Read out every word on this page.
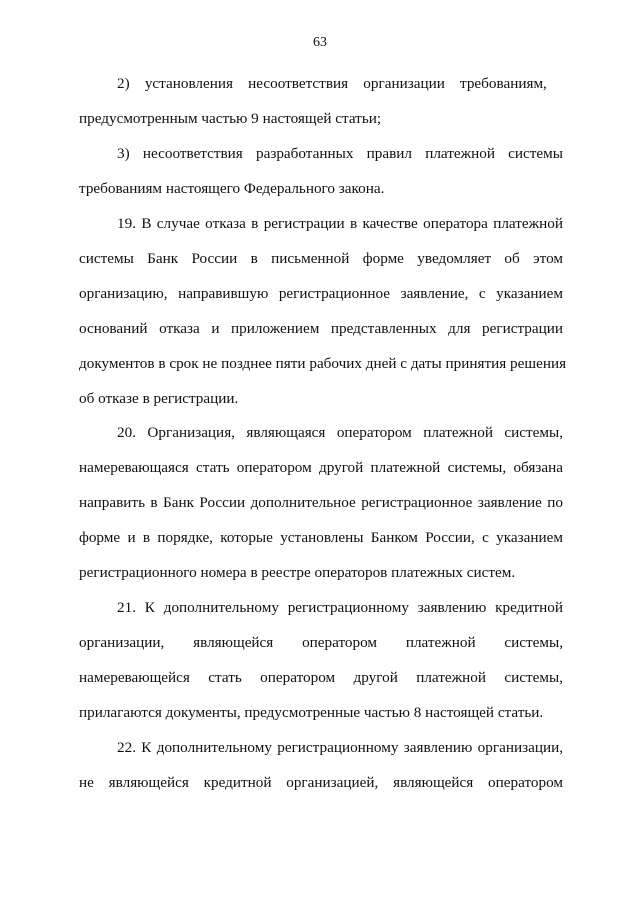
63
2) установления несоответствия организации требованиям,
предусмотренным частью 9 настоящей статьи;
3) несоответствия разработанных правил платежной системы
требованиям настоящего Федерального закона.
19. В случае отказа в регистрации в качестве оператора платежной
системы Банк России в письменной форме уведомляет об этом
организацию, направившую регистрационное заявление, с указанием
оснований отказа и приложением представленных для регистрации
документов в срок не позднее пяти рабочих дней с даты принятия решения
об отказе в регистрации.
20. Организация, являющаяся оператором платежной системы,
намеревающаяся стать оператором другой платежной системы, обязана
направить в Банк России дополнительное регистрационное заявление по
форме и в порядке, которые установлены Банком России, с указанием
регистрационного номера в реестре операторов платежных систем.
21. К дополнительному регистрационному заявлению кредитной
организации, являющейся оператором платежной системы,
намеревающейся стать оператором другой платежной системы,
прилагаются документы, предусмотренные частью 8 настоящей статьи.
22. К дополнительному регистрационному заявлению организации,
не являющейся кредитной организацией, являющейся оператором
